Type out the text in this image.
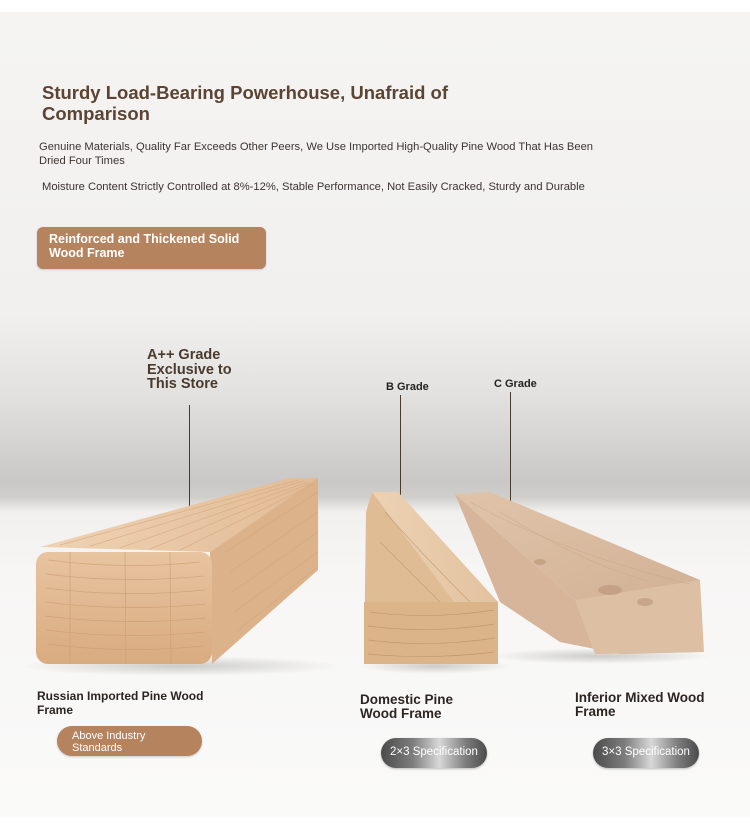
Sturdy Load-Bearing Powerhouse, Unafraid of Comparison

Genuine Materials, Quality Far Exceeds Other Peers, We Use Imported High-Quality Pine Wood That Has Been Dried Four Times

Moisture Content Strictly Controlled at 8%-12%, Stable Performance, Not Easily Cracked, Sturdy and Durable

Reinforced and Thickened Solid Wood Frame

A++ Grade Exclusive to This Store	B Grade	C Grade

Russian Imported Pine Wood Frame

Domestic Pine Wood Frame

Inferior Mixed Wood Frame

Above Industry Standards	2×3 Specification	3×3 Specification
